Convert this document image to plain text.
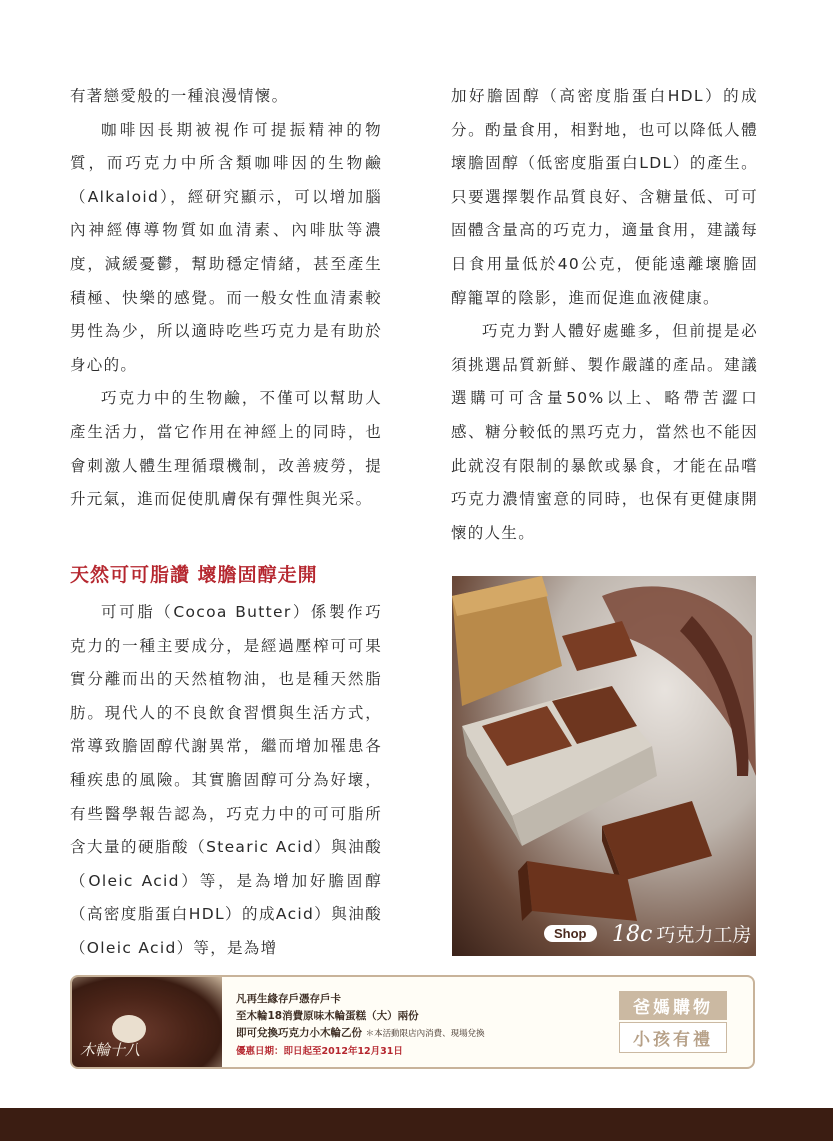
有著戀愛般的一種浪漫情懷。

咖啡因長期被視作可提振精神的物質，而巧克力中所含類咖啡因的生物鹼（Alkaloid），經研究顯示，可以增加腦內神經傳導物質如血清素、內啡肽等濃度，減緩憂鬱，幫助穩定情緒，甚至產生積極、快樂的感覺。而一般女性血清素較男性為少，所以適時吃些巧克力是有助於身心的。

巧克力中的生物鹼，不僅可以幫助人產生活力，當它作用在神經上的同時，也會刺激人體生理循環機制，改善疲勞，提升元氣，進而促使肌膚保有彈性與光采。

天然可可脂讚 壞膽固醇走開

可可脂（Cocoa Butter）係製作巧克力的一種主要成分，是經過壓榨可可果實分離而出的天然植物油，也是種天然脂肪。現代人的不良飲食習慣與生活方式，常導致膽固醇代謝異常，繼而增加罹患各種疾患的風險。其實膽固醇可分為好壞，有些醫學報告認為，巧克力中的可可脂所含大量的硬脂酸（Stearic Acid）與油酸（Oleic Acid）等，是為增加好膽固醇（高密度脂蛋白HDL）的成Acid）與油酸（Oleic Acid）等，是為增

加好膽固醇（高密度脂蛋白HDL）的成分。酌量食用，相對地，也可以降低人體壞膽固醇（低密度脂蛋白LDL）的產生。只要選擇製作品質良好、含糖量低、可可固體含量高的巧克力，適量食用，建議每日食用量低於40公克，便能遠離壞膽固醇籠罩的陰影，進而促進血液健康。

巧克力對人體好處雖多，但前提是必須挑選品質新鮮、製作嚴謹的產品。建議選購可可含量50%以上、略帶苦澀口感、糖分較低的黑巧克力，當然也不能因此就沒有限制的暴飲或暴食，才能在品嚐巧克力濃情蜜意的同時，也保有更健康開懷的人生。

Shop	18c 巧克力工房
木輪十八

凡再生緣存戶憑存戶卡

至木輪18消費原味木輪蛋糕（大）兩份

即可兌換巧克力小木輪乙份 ＊本活動限店內消費、現場兌換

優惠日期：即日起至2012年12月31日

爸媽購物
小孩有禮
